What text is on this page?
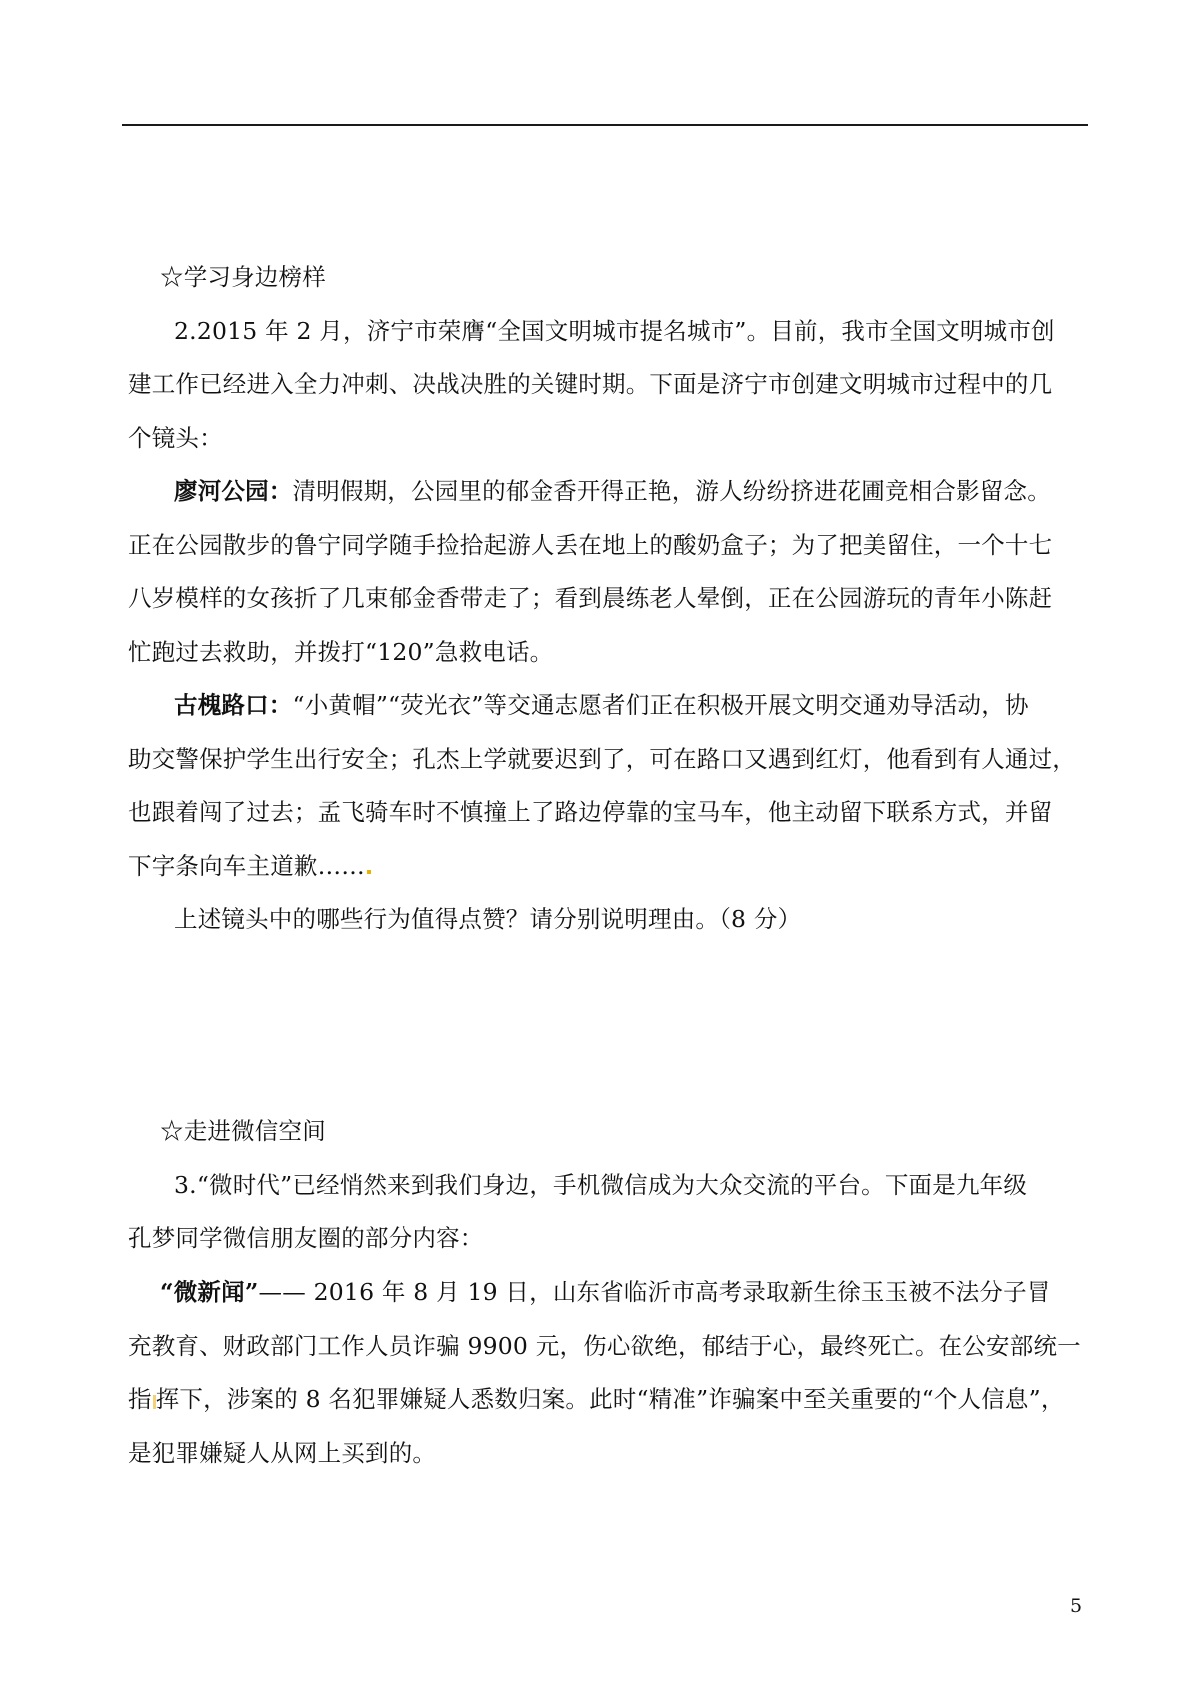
☆学习身边榜样
2.2015 年 2 月，济宁市荣膺“全国文明城市提名城市”。目前，我市全国文明城市创
建工作已经进入全力冲刺、决战决胜的关键时期。下面是济宁市创建文明城市过程中的几
个镜头：
廖河公园：清明假期，公园里的郁金香开得正艳，游人纷纷挤进花圃竞相合影留念。
正在公园散步的鲁宁同学随手捡拾起游人丢在地上的酸奶盒子；为了把美留住，一个十七
八岁模样的女孩折了几束郁金香带走了；看到晨练老人晕倒，正在公园游玩的青年小陈赶
忙跑过去救助，并拨打“120”急救电话。
古槐路口：“小黄帽”“荧光衣”等交通志愿者们正在积极开展文明交通劝导活动，协
助交警保护学生出行安全；孔杰上学就要迟到了，可在路口又遇到红灯，他看到有人通过，
也跟着闯了过去；孟飞骑车时不慎撞上了路边停靠的宝马车，他主动留下联系方式，并留
下字条向车主道歉……
上述镜头中的哪些行为值得点赞？请分别说明理由。（8 分）
☆走进微信空间
3.“微时代”已经悄然来到我们身边，手机微信成为大众交流的平台。下面是九年级
孔梦同学微信朋友圈的部分内容：
“微新闻”—— 2016 年 8 月 19 日，山东省临沂市高考录取新生徐玉玉被不法分子冒
充教育、财政部门工作人员诈骗 9900 元，伤心欲绝，郁结于心，最终死亡。在公安部统一
指 挥下，涉案的 8 名犯罪嫌疑人悉数归案。此时“精准”诈骗案中至关重要的“个人信息”，
是犯罪嫌疑人从网上买到的。
5
